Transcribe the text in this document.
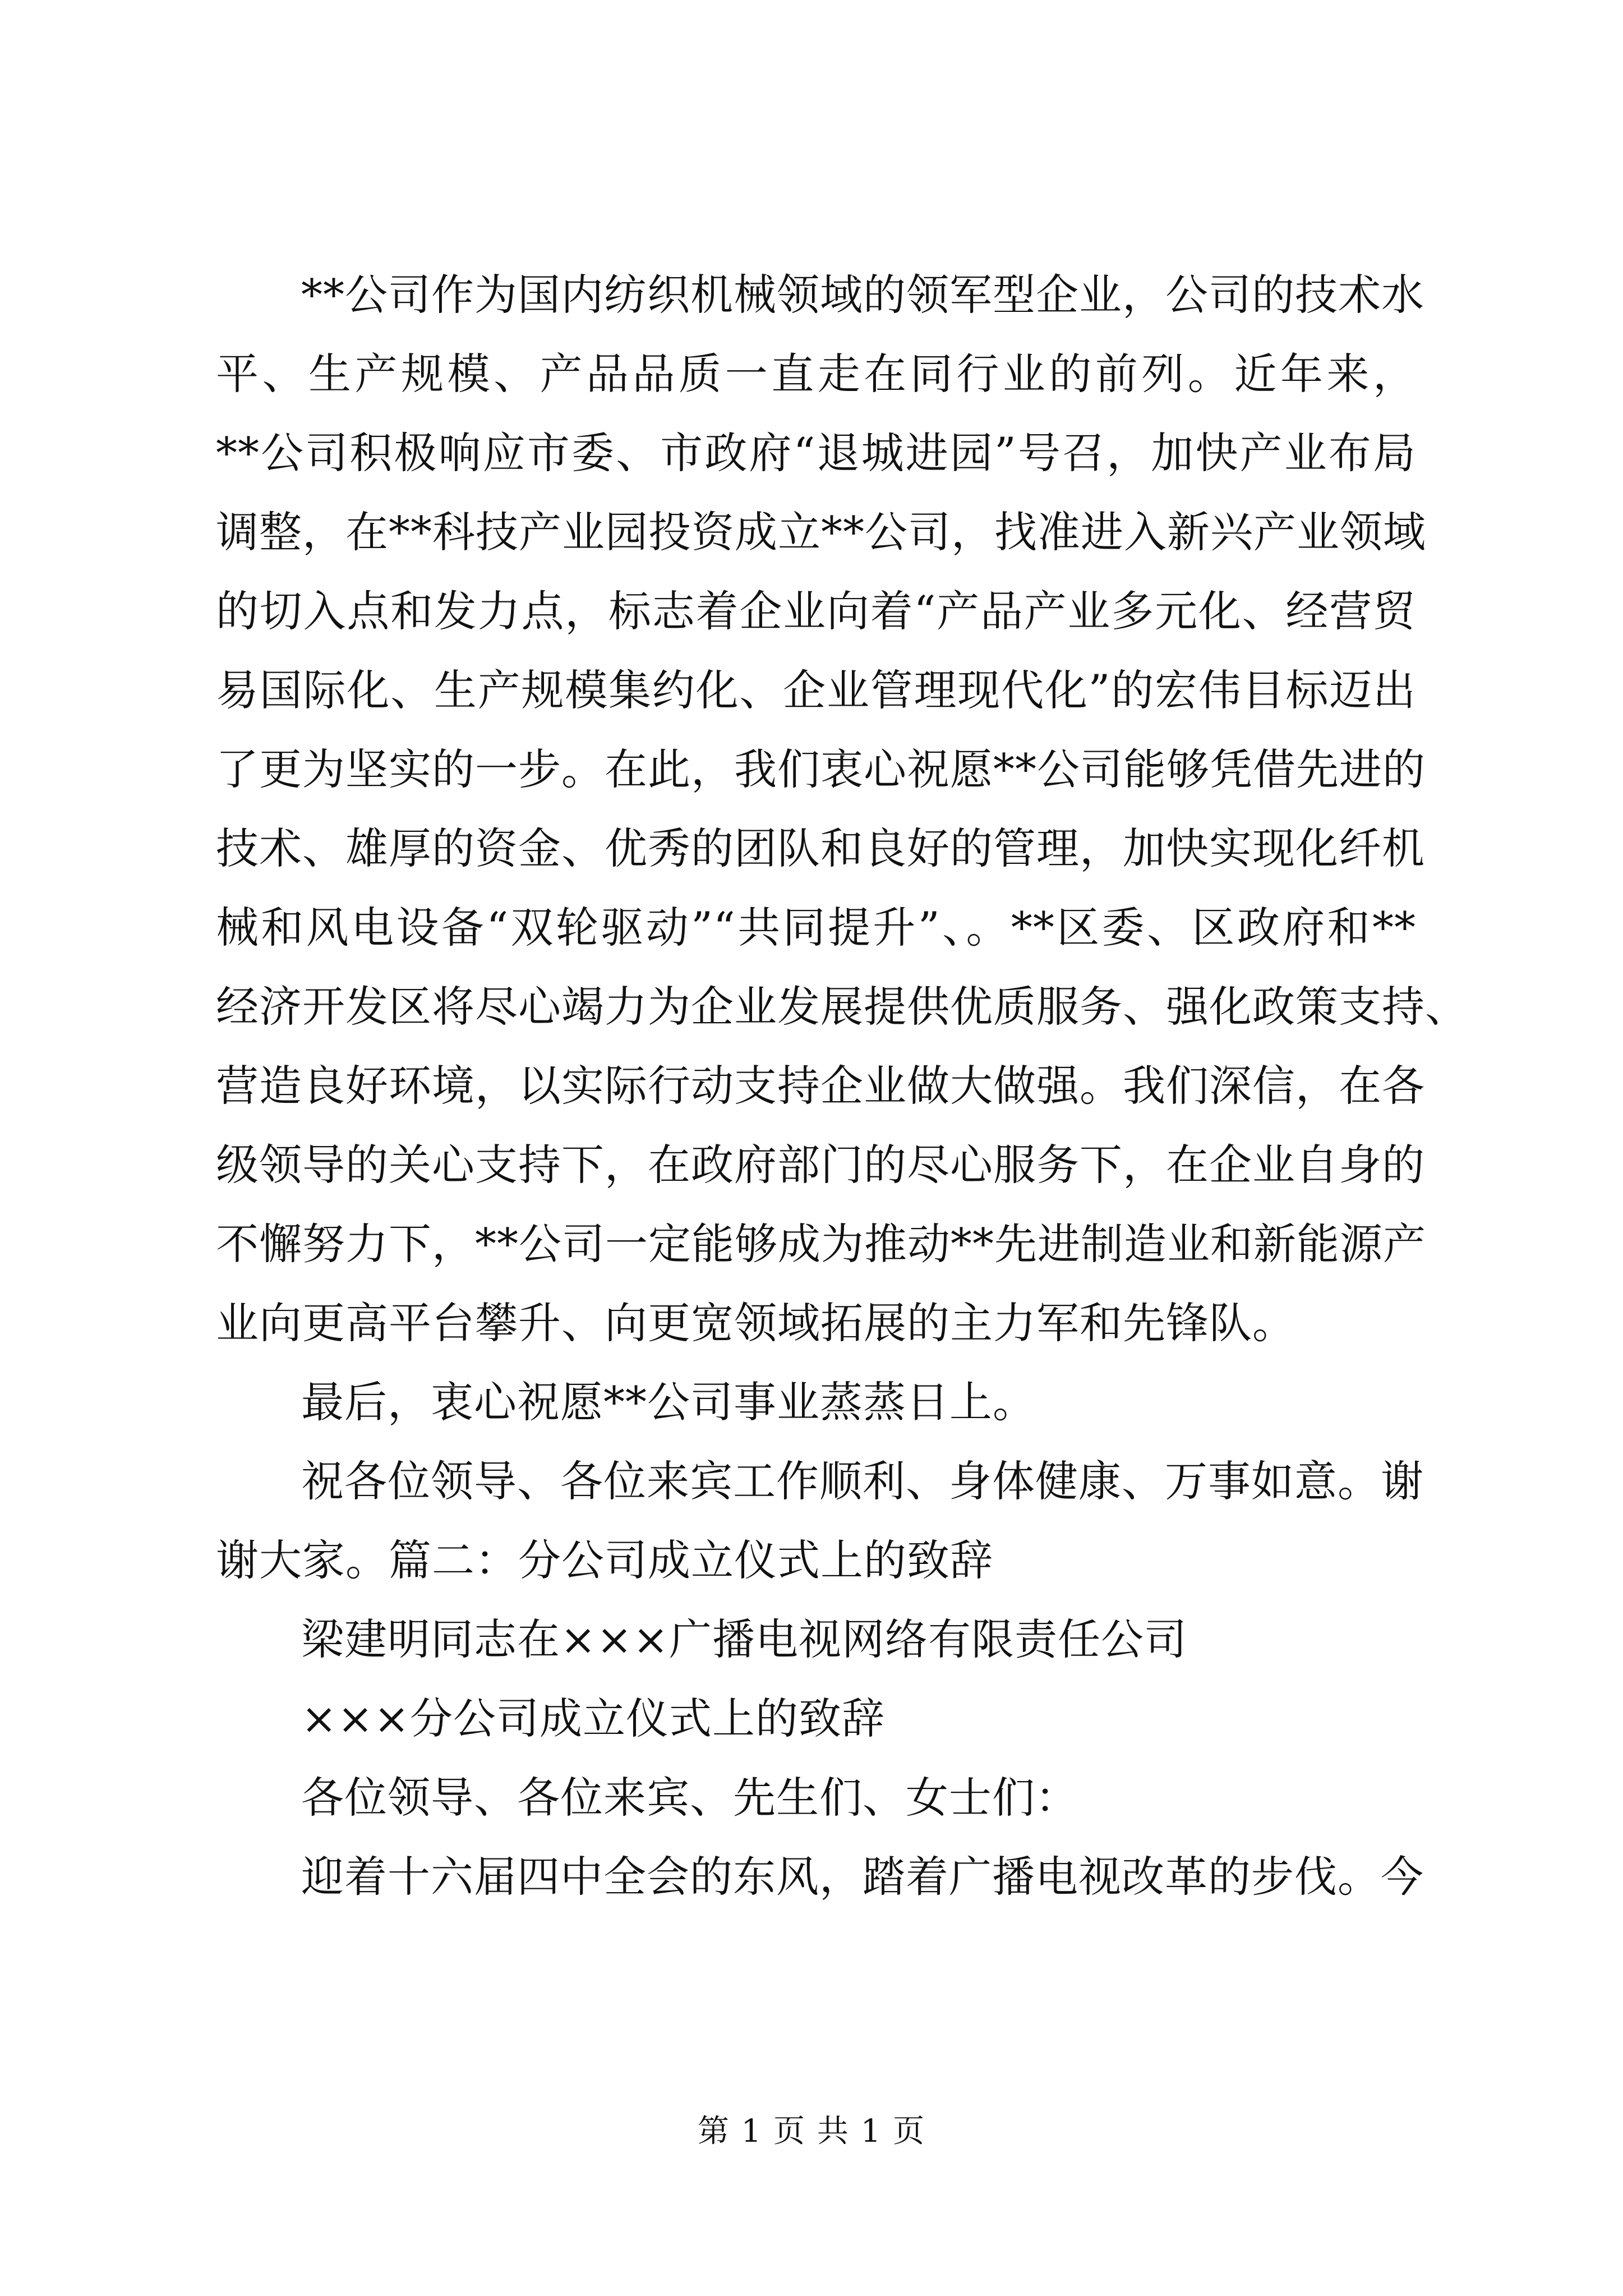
**公司作为国内纺织机械领域的领军型企业，公司的技术水
平、生产规模、产品品质一直走在同行业的前列。近年来，
**公司积极响应市委、市政府“退城进园”号召，加快产业布局
调整，在**科技产业园投资成立**公司，找准进入新兴产业领域
的切入点和发力点，标志着企业向着“产品产业多元化、经营贸
易国际化、生产规模集约化、企业管理现代化”的宏伟目标迈出
了更为坚实的一步。在此，我们衷心祝愿**公司能够凭借先进的
技术、雄厚的资金、优秀的团队和良好的管理，加快实现化纤机
械和风电设备“双轮驱动”“共同提升”、。**区委、区政府和**
经济开发区将尽心竭力为企业发展提供优质服务、强化政策支持、
营造良好环境，以实际行动支持企业做大做强。我们深信，在各
级领导的关心支持下，在政府部门的尽心服务下，在企业自身的
不懈努力下，**公司一定能够成为推动**先进制造业和新能源产
业向更高平台攀升、向更宽领域拓展的主力军和先锋队。
最后，衷心祝愿**公司事业蒸蒸日上。
祝各位领导、各位来宾工作顺利、身体健康、万事如意。谢
谢大家。篇二：分公司成立仪式上的致辞
梁建明同志在×××广播电视网络有限责任公司
×××分公司成立仪式上的致辞
各位领导、各位来宾、先生们、女士们：
迎着十六届四中全会的东风，踏着广播电视改革的步伐。今
第 1 页 共 1 页
